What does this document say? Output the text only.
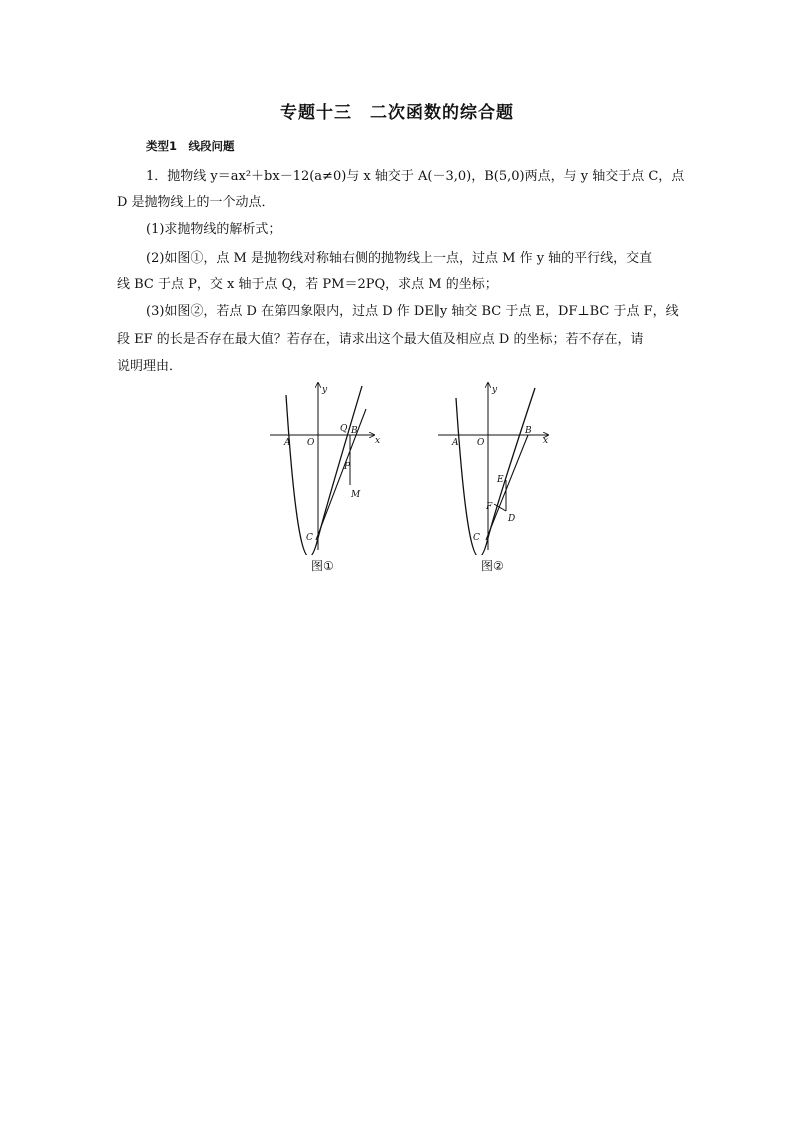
专题十三　二次函数的综合题
类型1　线段问题
1．抛物线 y＝ax²＋bx－12(a≠0)与 x 轴交于 A(－3,0)，B(5,0)两点，与 y 轴交于点 C，点
D 是抛物线上的一个动点．
(1)求抛物线的解析式；
(2)如图①，点 M 是抛物线对称轴右侧的抛物线上一点，过点 M 作 y 轴的平行线，交直
线 BC 于点 P，交 x 轴于点 Q，若 PM＝2PQ，求点 M 的坐标；
(3)如图②，若点 D 在第四象限内，过点 D 作 DE∥y 轴交 BC 于点 E，DF⊥BC 于点 F，线
段 EF 的长是否存在最大值？若存在，请求出这个最大值及相应点 D 的坐标；若不存在，请
说明理由．
y
x
A O
Q B
P
M
C
图①
y
x
A O
B
E
F
D
C
图②
